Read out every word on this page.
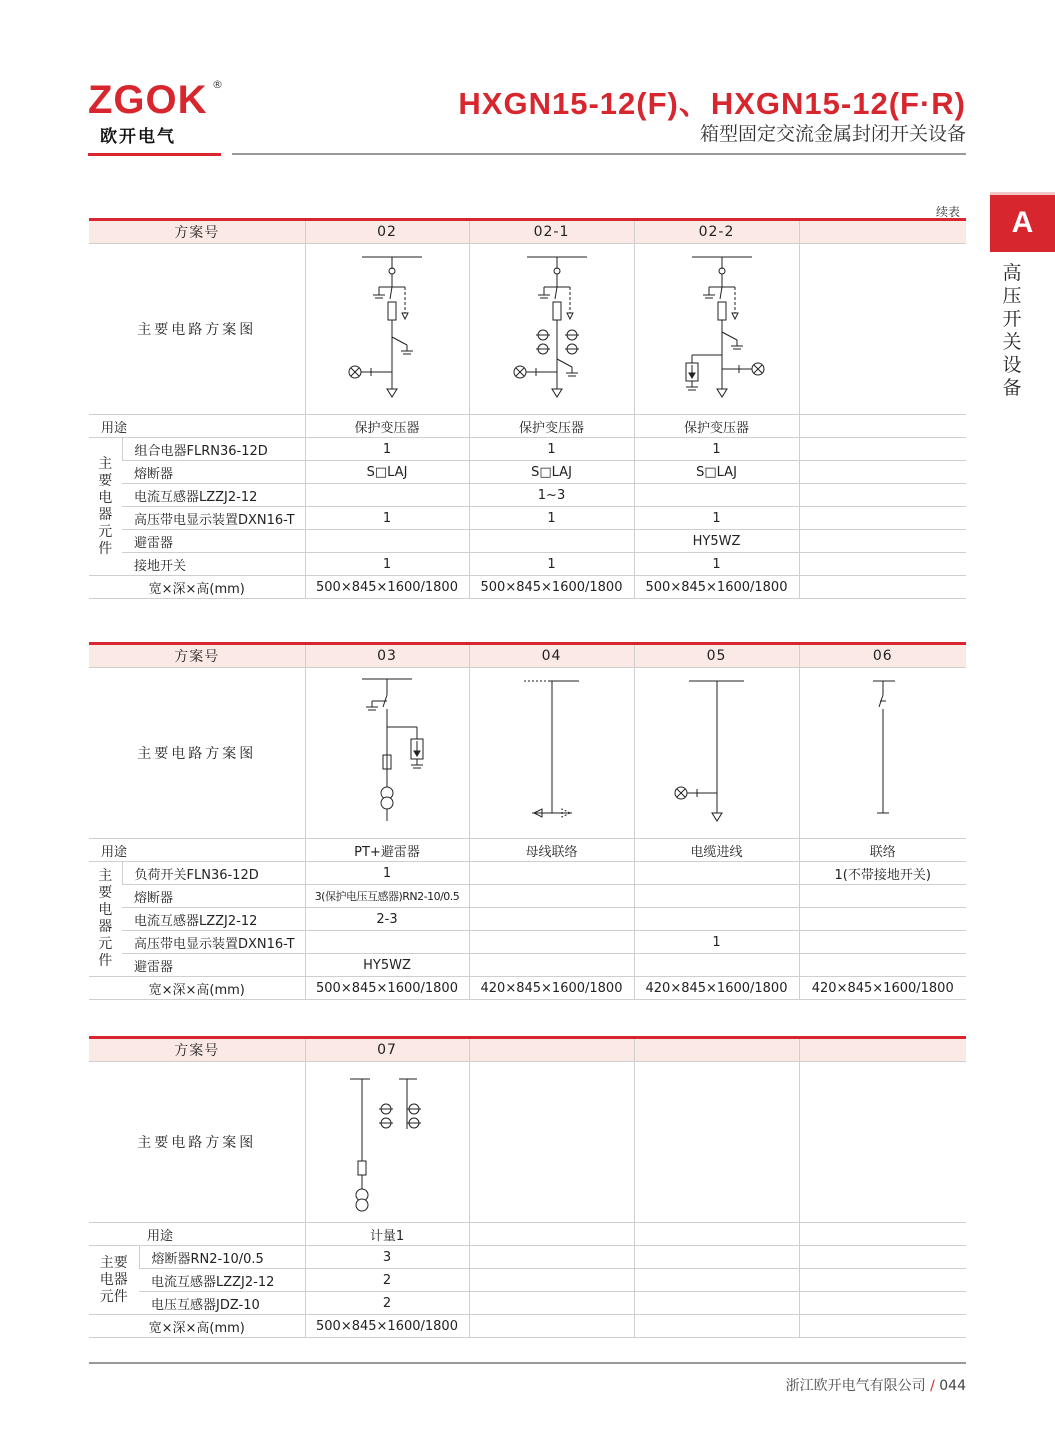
ZGOK ®
欧开电气
HXGN15-12(F)、HXGN15-12(F·R)
箱型固定交流金属封闭开关设备
A
高压开关设备
续表
方案号		02	02-1	02-2	
主要电路方案图	

用途		保护变压器	保护变压器	保护变压器	

主要电器元件	组合电器FLRN36-12D	1	1	1	
	熔断器	S□LAJ	S□LAJ	S□LAJ	
	电流互感器LZZJ2-12		1~3		
	高压带电显示装置DXN16-T	1	1	1	
	避雷器			HY5WZ	
	接地开关	1	1	1	
宽×深×高(mm)		500×845×1600/1800	500×845×1600/1800	500×845×1600/1800	
方案号		03	04	05	06
主要电路方案图	

用途		PT+避雷器	母线联络	电缆进线	联络

主要电器元件	负荷开关FLN36-12D	1			1(不带接地开关)
	熔断器	3(保护电压互感器)RN2-10/0.5			
	电流互感器LZZJ2-12	2-3			
	高压带电显示装置DXN16-T			1	
	避雷器	HY5WZ			
宽×深×高(mm)		500×845×1600/1800	420×845×1600/1800	420×845×1600/1800	420×845×1600/1800
方案号		07			
主要电路方案图	

用途		计量1			

主要电器元件	熔断器RN2-10/0.5	3			
	电流互感器LZZJ2-12	2			
	电压互感器JDZ-10	2			
宽×深×高(mm)		500×845×1600/1800			
浙江欧开电气有限公司 / 044
